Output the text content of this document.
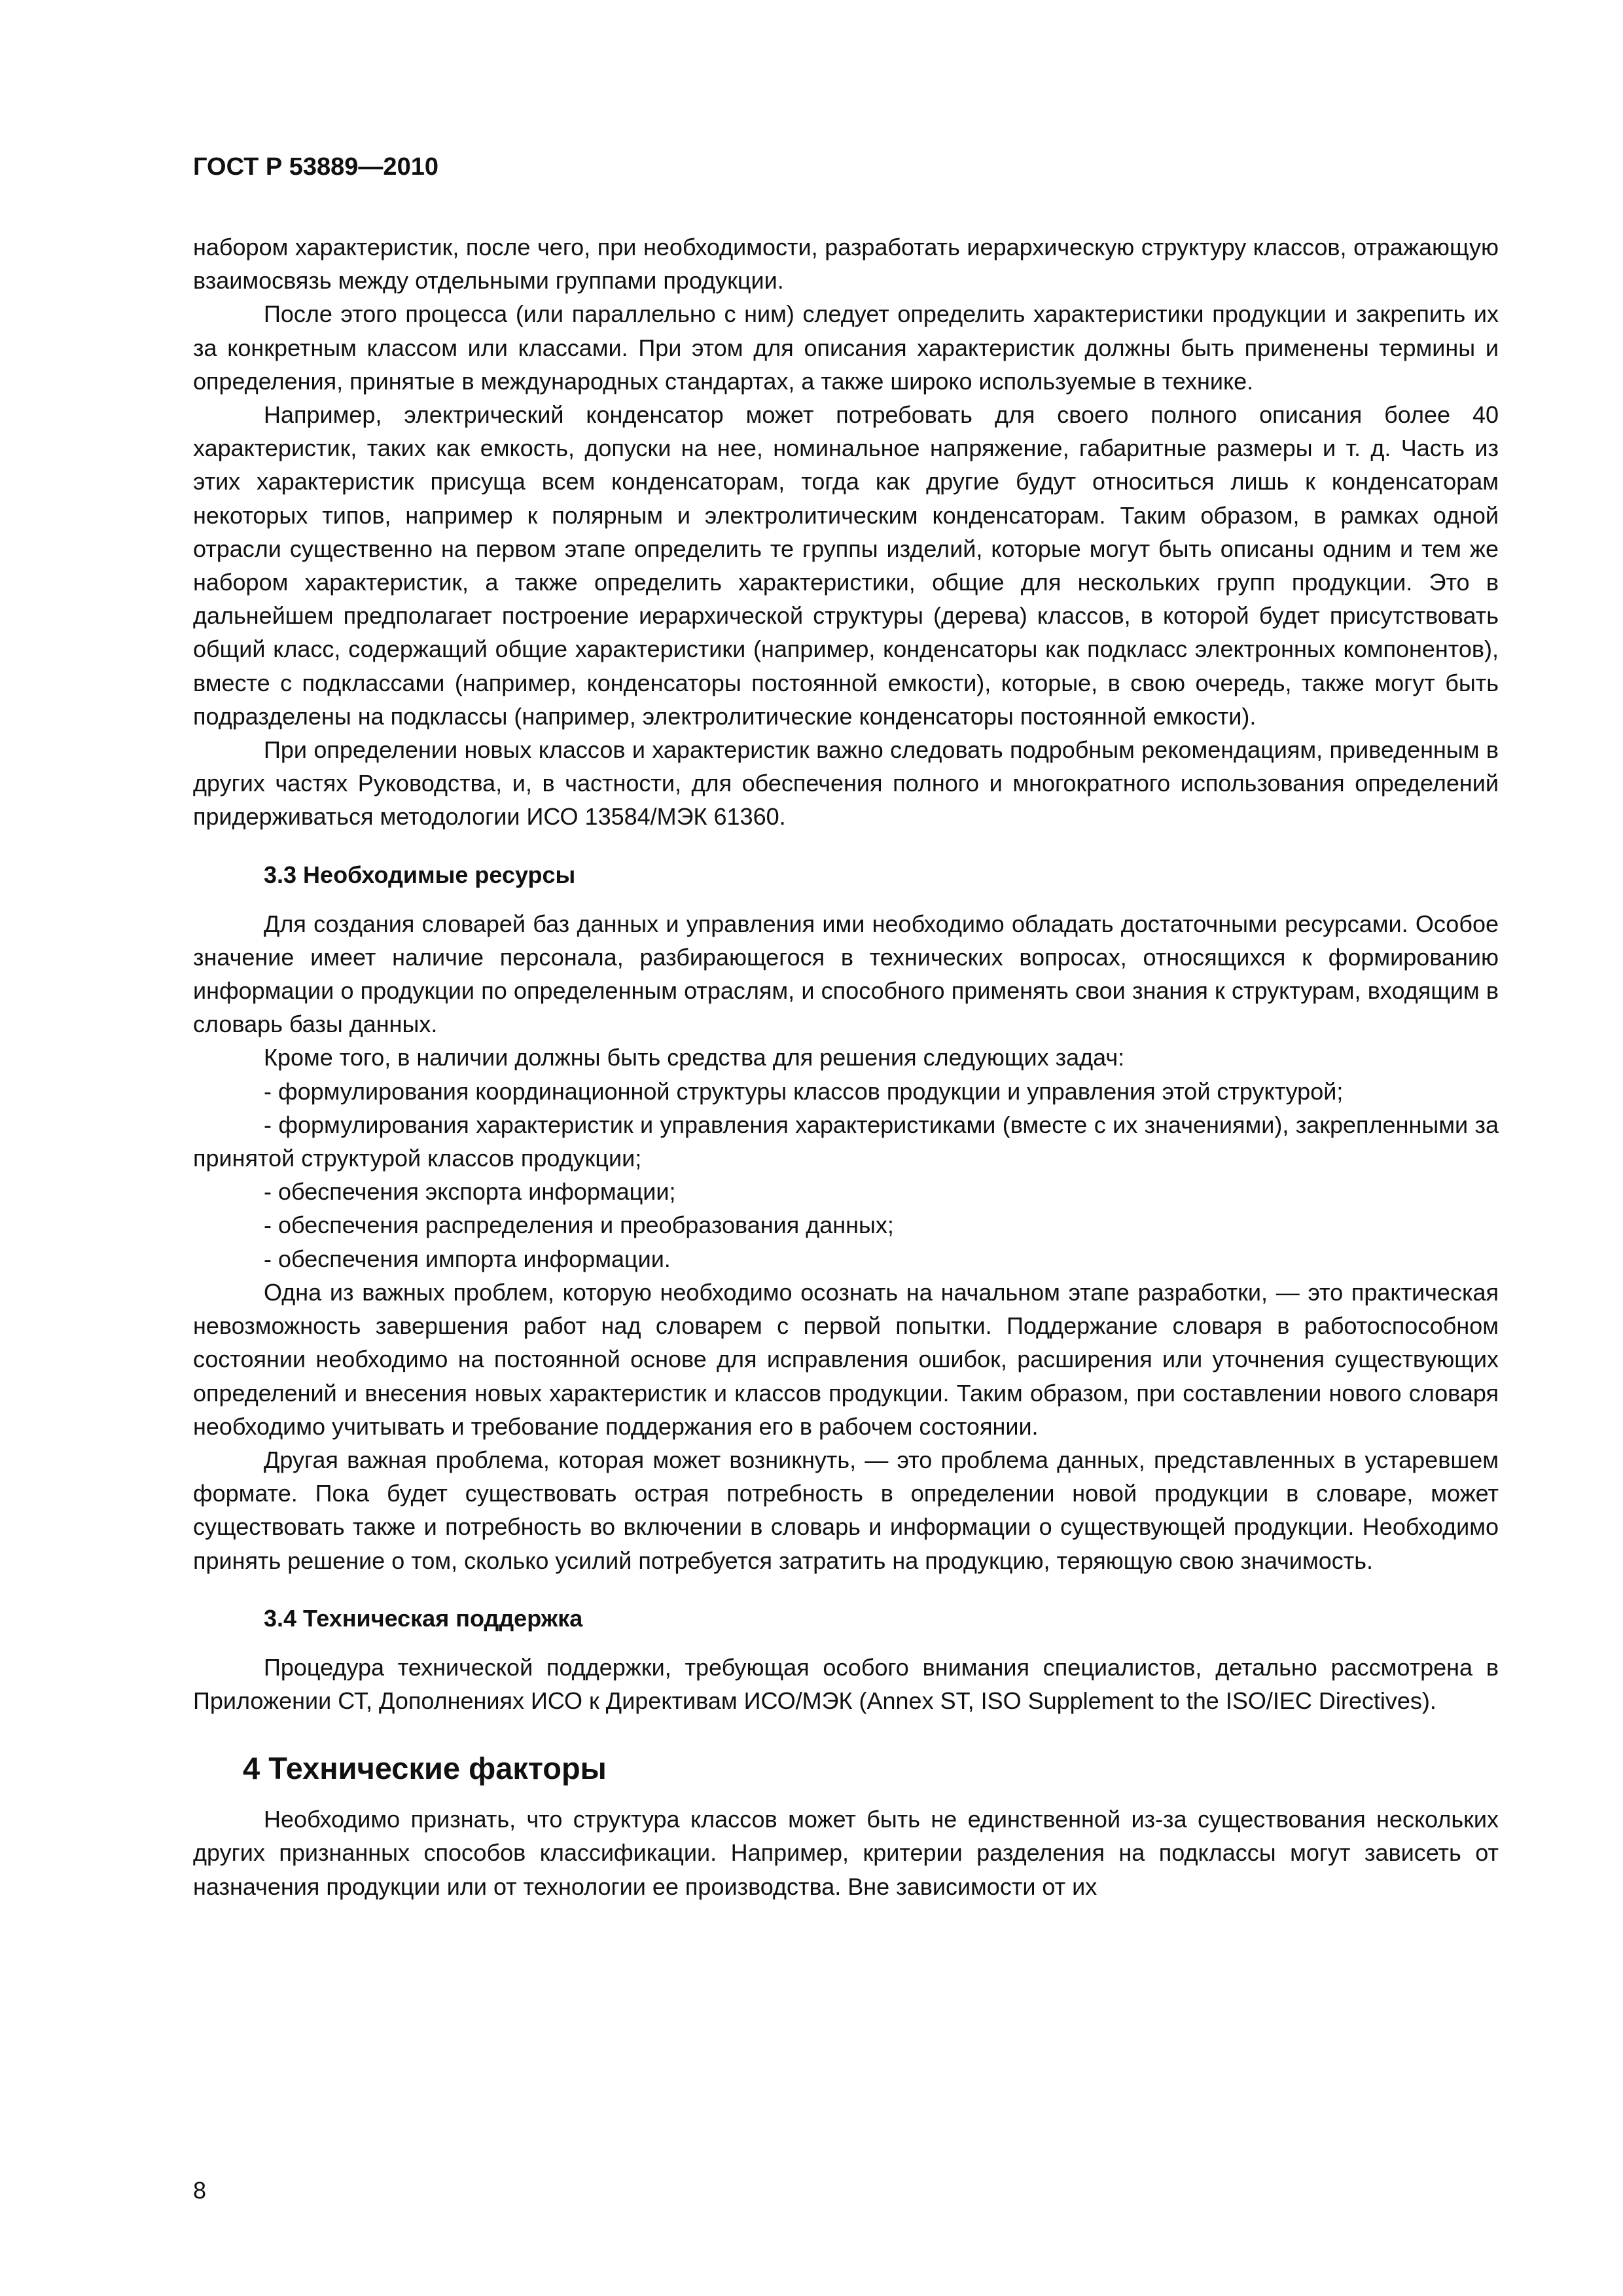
ГОСТ Р 53889—2010

набором характеристик, после чего, при необходимости, разработать иерархическую структуру классов, отражающую взаимосвязь между отдельными группами продукции.

После этого процесса (или параллельно с ним) следует определить характеристики продукции и закрепить их за конкретным классом или классами. При этом для описания характеристик должны быть применены термины и определения, принятые в международных стандартах, а также широко используемые в технике.

Например, электрический конденсатор может потребовать для своего полного описания более 40 характеристик, таких как емкость, допуски на нее, номинальное напряжение, габаритные размеры и т. д. Часть из этих характеристик присуща всем конденсаторам, тогда как другие будут относиться лишь к конденсаторам некоторых типов, например к полярным и электролитическим конденсаторам. Таким образом, в рамках одной отрасли существенно на первом этапе определить те группы изделий, которые могут быть описаны одним и тем же набором характеристик, а также определить характеристики, общие для нескольких групп продукции. Это в дальнейшем предполагает построение иерархической структуры (дерева) классов, в которой будет присутствовать общий класс, содержащий общие характеристики (например, конденсаторы как подкласс электронных компонентов), вместе с подклассами (например, конденсаторы постоянной емкости), которые, в свою очередь, также могут быть подразделены на подклассы (например, электролитические конденсаторы постоянной емкости).

При определении новых классов и характеристик важно следовать подробным рекомендациям, приведенным в других частях Руководства, и, в частности, для обеспечения полного и многократного использования определений придерживаться методологии ИСО 13584/МЭК 61360.

3.3 Необходимые ресурсы

Для создания словарей баз данных и управления ими необходимо обладать достаточными ресурсами. Особое значение имеет наличие персонала, разбирающегося в технических вопросах, относящихся к формированию информации о продукции по определенным отраслям, и способного применять свои знания к структурам, входящим в словарь базы данных.

Кроме того, в наличии должны быть средства для решения следующих задач:

- формулирования координационной структуры классов продукции и управления этой структурой;

- формулирования характеристик и управления характеристиками (вместе с их значениями), закрепленными за принятой структурой классов продукции;

- обеспечения экспорта информации;

- обеспечения распределения и преобразования данных;

- обеспечения импорта информации.

Одна из важных проблем, которую необходимо осознать на начальном этапе разработки, — это практическая невозможность завершения работ над словарем с первой попытки. Поддержание словаря в работоспособном состоянии необходимо на постоянной основе для исправления ошибок, расширения или уточнения существующих определений и внесения новых характеристик и классов продукции. Таким образом, при составлении нового словаря необходимо учитывать и требование поддержания его в рабочем состоянии.

Другая важная проблема, которая может возникнуть, — это проблема данных, представленных в устаревшем формате. Пока будет существовать острая потребность в определении новой продукции в словаре, может существовать также и потребность во включении в словарь и информации о существующей продукции. Необходимо принять решение о том, сколько усилий потребуется затратить на продукцию, теряющую свою значимость.

3.4 Техническая поддержка

Процедура технической поддержки, требующая особого внимания специалистов, детально рассмотрена в Приложении СТ, Дополнениях ИСО к Директивам ИСО/МЭК (Annex ST, ISO Supplement to the ISO/IEC Directives).

4 Технические факторы

Необходимо признать, что структура классов может быть не единственной из-за существования нескольких других признанных способов классификации. Например, критерии разделения на подклассы могут зависеть от назначения продукции или от технологии ее производства. Вне зависимости от их

8
